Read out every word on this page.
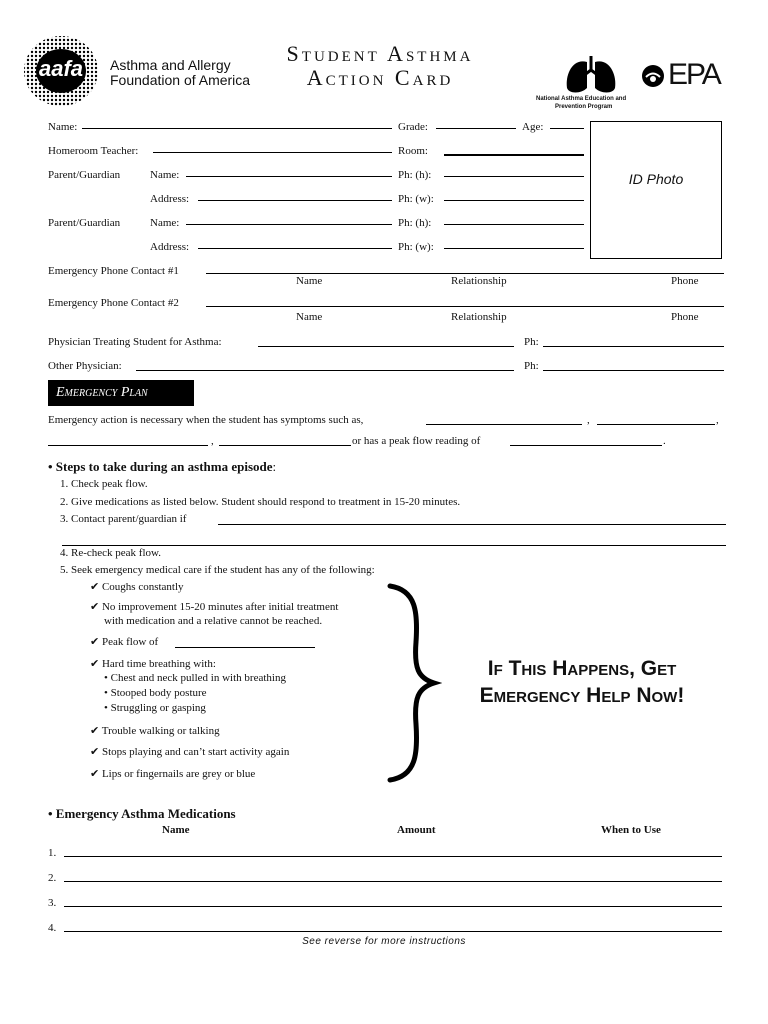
aafa	Asthma and Allergy
Foundation of America
Student Asthma
Action Card	EPA
National Asthma Education and
Prevention Program
ID Photo
Name:	Grade:	Age:
Homeroom Teacher:	Room:
Parent/Guardian	Name:	Ph: (h):
Address:	Ph: (w):
Parent/Guardian	Name:	Ph: (h):
Address:	Ph: (w):
Emergency Phone Contact #1
Name	Relationship	Phone
Emergency Phone Contact #2
Name	Relationship	Phone
Physician Treating Student for Asthma:	Ph:
Other Physician:	Ph:
Emergency Plan
Emergency action is necessary when the student has symptoms such as,	,	,
,	or has a peak flow reading of	.
• Steps to take during an asthma episode:
1. Check peak flow.
2. Give medications as listed below. Student should respond to treatment in 15-20 minutes.
3. Contact parent/guardian if
4. Re-check peak flow.
5. Seek emergency medical care if the student has any of the following:
✔ Coughs constantly
✔ No improvement 15-20 minutes after initial treatment
with medication and a relative cannot be reached.
✔ Peak flow of
✔ Hard time breathing with:
• Chest and neck pulled in with breathing
• Stooped body posture
• Struggling or gasping
✔ Trouble walking or talking
✔ Stops playing and can’t start activity again
✔ Lips or fingernails are grey or blue
If This Happens, Get
Emergency Help Now!
• Emergency Asthma Medications
Name	Amount	When to Use
1.
2.
3.
4.
See reverse for more instructions
